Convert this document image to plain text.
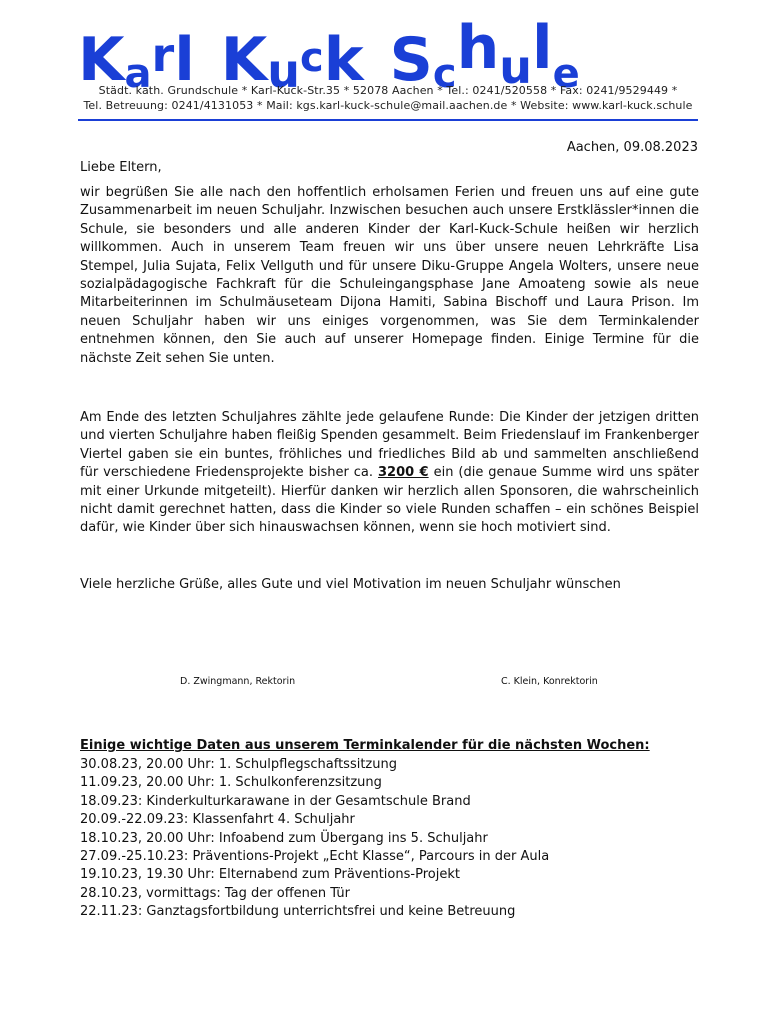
K a r l K u c k S c h u l e
Städt. kath. Grundschule * Karl-Kuck-Str.35 * 52078 Aachen * Tel.: 0241/520558 * Fax: 0241/9529449 *
Tel. Betreuung: 0241/4131053 * Mail: kgs.karl-kuck-schule@mail.aachen.de * Website: www.karl-kuck.schule
Aachen, 09.08.2023
Liebe Eltern,

wir begrüßen Sie alle nach den hoffentlich erholsamen Ferien und freuen uns auf eine gute Zusammenarbeit im neuen Schuljahr. Inzwischen besuchen auch unsere Erstklässler*innen die Schule, sie besonders und alle anderen Kinder der Karl-Kuck-Schule heißen wir herzlich willkommen. Auch in unserem Team freuen wir uns über unsere neuen Lehrkräfte Lisa Stempel, Julia Sujata, Felix Vellguth und für unsere Diku-Gruppe Angela Wolters, unsere neue sozialpädagogische Fachkraft für die Schuleingangsphase Jane Amoateng sowie als neue Mitarbeiterinnen im Schulmäuseteam Dijona Hamiti, Sabina Bischoff und Laura Prison. Im neuen Schuljahr haben wir uns einiges vorgenommen, was Sie dem Terminkalender entnehmen können, den Sie auch auf unserer Homepage finden. Einige Termine für die nächste Zeit sehen Sie unten.

Am Ende des letzten Schuljahres zählte jede gelaufene Runde: Die Kinder der jetzigen dritten und vierten Schuljahre haben fleißig Spenden gesammelt. Beim Friedenslauf im Frankenberger Viertel gaben sie ein buntes, fröhliches und friedliches Bild ab und sammelten anschließend für verschiedene Friedensprojekte bisher ca. 3200 € ein (die genaue Summe wird uns später mit einer Urkunde mitgeteilt). Hierfür danken wir herzlich allen Sponsoren, die wahrscheinlich nicht damit gerechnet hatten, dass die Kinder so viele Runden schaffen – ein schönes Beispiel dafür, wie Kinder über sich hinauswachsen können, wenn sie hoch motiviert sind.

Viele herzliche Grüße, alles Gute und viel Motivation im neuen Schuljahr wünschen

D. Zwingmann, Rektorin	C. Klein, Konrektorin
Einige wichtige Daten aus unserem Terminkalender für die nächsten Wochen:
30.08.23, 20.00 Uhr: 1. Schulpflegschaftssitzung
11.09.23, 20.00 Uhr: 1. Schulkonferenzsitzung
18.09.23: Kinderkulturkarawane in der Gesamtschule Brand
20.09.-22.09.23: Klassenfahrt 4. Schuljahr
18.10.23, 20.00 Uhr: Infoabend zum Übergang ins 5. Schuljahr
27.09.-25.10.23: Präventions-Projekt „Echt Klasse“, Parcours in der Aula
19.10.23, 19.30 Uhr: Elternabend zum Präventions-Projekt
28.10.23, vormittags: Tag der offenen Tür
22.11.23: Ganztagsfortbildung unterrichtsfrei und keine Betreuung
